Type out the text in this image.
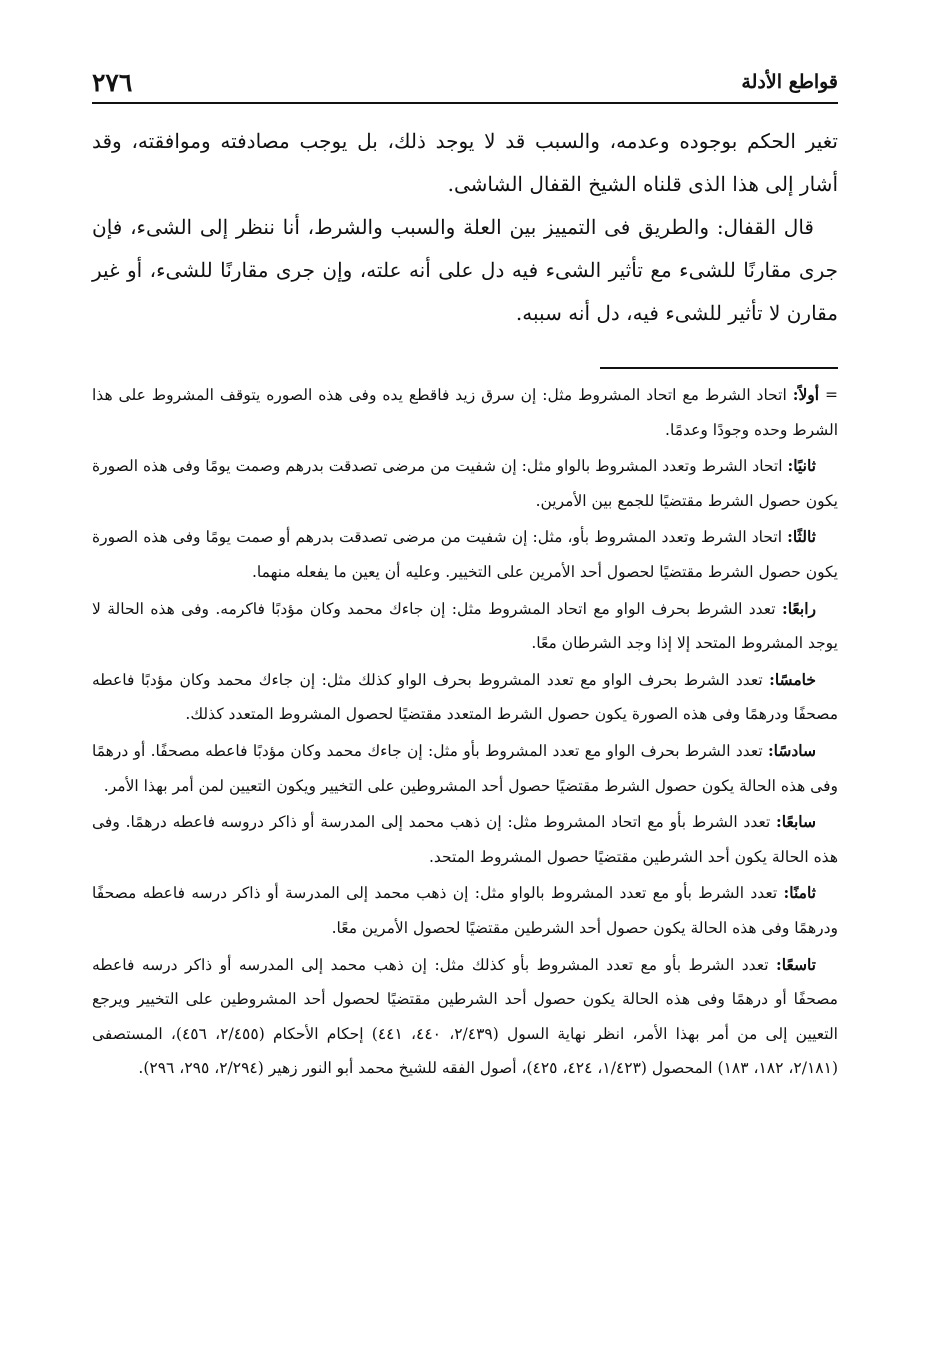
٢٧٦	قواطع الأدلة

تغير الحكم بوجوده وعدمه، والسبب قد لا يوجد ذلك، بل يوجب مصادفته وموافقته، وقد أشار إلى هذا الذى قلناه الشيخ القفال الشاشى.

قال القفال: والطريق فى التمييز بين العلة والسبب والشرط، أنا ننظر إلى الشىء، فإن جرى مقارنًا للشىء مع تأثير الشىء فيه دل على أنه علته، وإن جرى مقارنًا للشىء، أو غير مقارن لا تأثير للشىء فيه، دل أنه سببه.

= أولاً: اتحاد الشرط مع اتحاد المشروط مثل: إن سرق زيد فاقطع يده وفى هذه الصوره يتوقف المشروط على هذا الشرط وحده وجودًا وعدمًا.

ثانيًا: اتحاد الشرط وتعدد المشروط بالواو مثل: إن شفيت من مرضى تصدقت بدرهم وصمت يومًا وفى هذه الصورة يكون حصول الشرط مقتضيًا للجمع بين الأمرين.

ثالثًا: اتحاد الشرط وتعدد المشروط بأو، مثل: إن شفيت من مرضى تصدقت بدرهم أو صمت يومًا وفى هذه الصورة يكون حصول الشرط مقتضيًا لحصول أحد الأمرين على التخيير. وعليه أن يعين ما يفعله منهما.

رابعًا: تعدد الشرط بحرف الواو مع اتحاد المشروط مثل: إن جاءك محمد وكان مؤدبًا فاكرمه. وفى هذه الحالة لا يوجد المشروط المتحد إلا إذا وجد الشرطان معًا.

خامسًا: تعدد الشرط بحرف الواو مع تعدد المشروط بحرف الواو كذلك مثل: إن جاءك محمد وكان مؤدبًا فاعطه مصحفًا ودرهمًا وفى هذه الصورة يكون حصول الشرط المتعدد مقتضيًا لحصول المشروط المتعدد كذلك.

سادسًا: تعدد الشرط بحرف الواو مع تعدد المشروط بأو مثل: إن جاءك محمد وكان مؤدبًا فاعطه مصحفًا. أو درهمًا وفى هذه الحالة يكون حصول الشرط مقتضيًا حصول أحد المشروطين على التخيير ويكون التعيين لمن أمر بهذا الأمر.

سابعًا: تعدد الشرط بأو مع اتحاد المشروط مثل: إن ذهب محمد إلى المدرسة أو ذاكر دروسه فاعطه درهمًا. وفى هذه الحالة يكون أحد الشرطين مقتضيًا حصول المشروط المتحد.

ثامنًا: تعدد الشرط بأو مع تعدد المشروط بالواو مثل: إن ذهب محمد إلى المدرسة أو ذاكر درسه فاعطه مصحفًا ودرهمًا وفى هذه الحالة يكون حصول أحد الشرطين مقتضيًا لحصول الأمرين معًا.

تاسعًا: تعدد الشرط بأو مع تعدد المشروط بأو كذلك مثل: إن ذهب محمد إلى المدرسه أو ذاكر درسه فاعطه مصحفًا أو درهمًا وفى هذه الحالة يكون حصول أحد الشرطين مقتضيًا لحصول أحد المشروطين على التخيير ويرجع التعيين إلى من أمر بهذا الأمر، انظر نهاية السول (٢/٤٣٩، ٤٤٠، ٤٤١) إحكام الأحكام (٢/٤٥٥، ٤٥٦)، المستصفى (٢/١٨١، ١٨٢، ١٨٣) المحصول (١/٤٢٣، ٤٢٤، ٤٢٥)، أصول الفقه للشيخ محمد أبو النور زهير (٢/٢٩٤، ٢٩٥، ٢٩٦).
